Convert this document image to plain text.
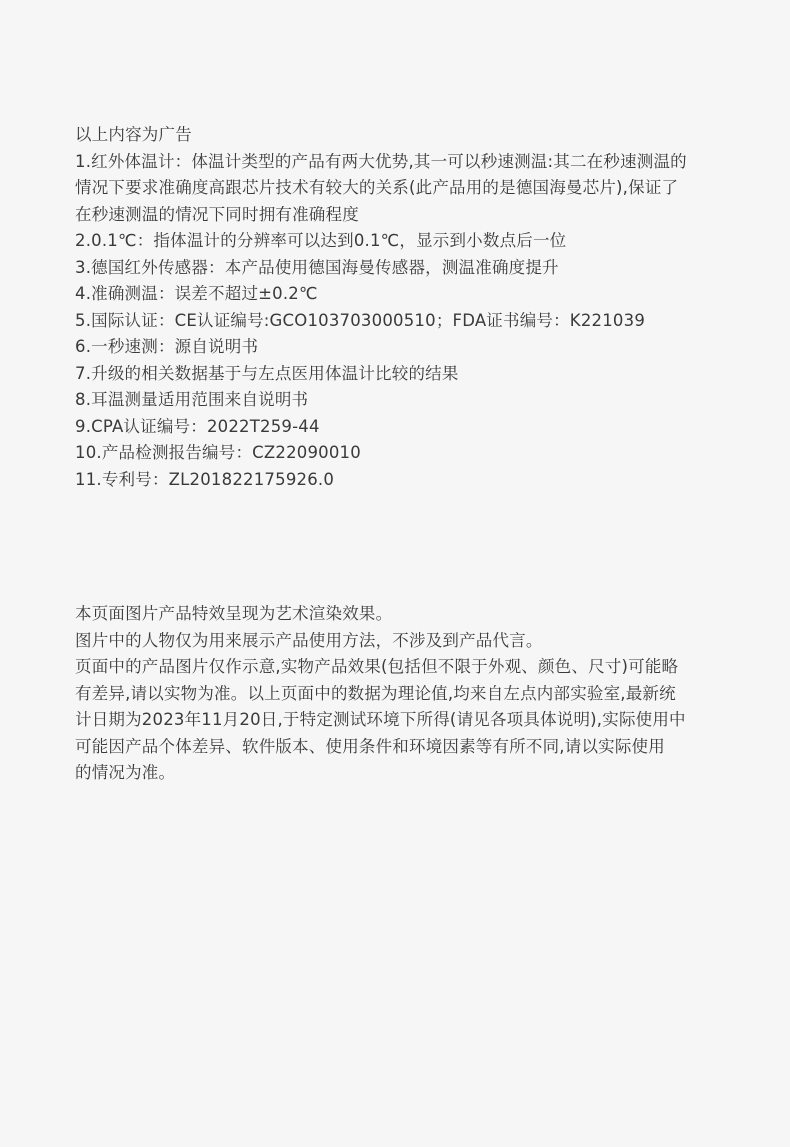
以上内容为广告
1.红外体温计：体温计类型的产品有两大优势,其一可以秒速测温:其二在秒速测温的
情况下要求准确度高跟芯片技术有较大的关系(此产品用的是德国海曼芯片),保证了
在秒速测温的情况下同时拥有准确程度
2.0.1℃：指体温计的分辨率可以达到0.1℃，显示到小数点后一位
3.德国红外传感器：本产品使用德国海曼传感器，测温准确度提升
4.准确测温：误差不超过±0.2℃
5.国际认证：CE认证编号:GCO103703000510；FDA证书编号：K221039
6.一秒速测：源自说明书
7.升级的相关数据基于与左点医用体温计比较的结果
8.耳温测量适用范围来自说明书
9.CPA认证编号：2022T259-44
10.产品检测报告编号：CZ22090010
11.专利号：ZL201822175926.0
本页面图片产品特效呈现为艺术渲染效果。
图片中的人物仅为用来展示产品使用方法，不涉及到产品代言。
页面中的产品图片仅作示意,实物产品效果(包括但不限于外观、颜色、尺寸)可能略
有差异,请以实物为准。以上页面中的数据为理论值,均来自左点内部实验室,最新统
计日期为2023年11月20日,于特定测试环境下所得(请见各项具体说明),实际使用中
可能因产品个体差异、软件版本、使用条件和环境因素等有所不同,请以实际使用
的情况为准。
